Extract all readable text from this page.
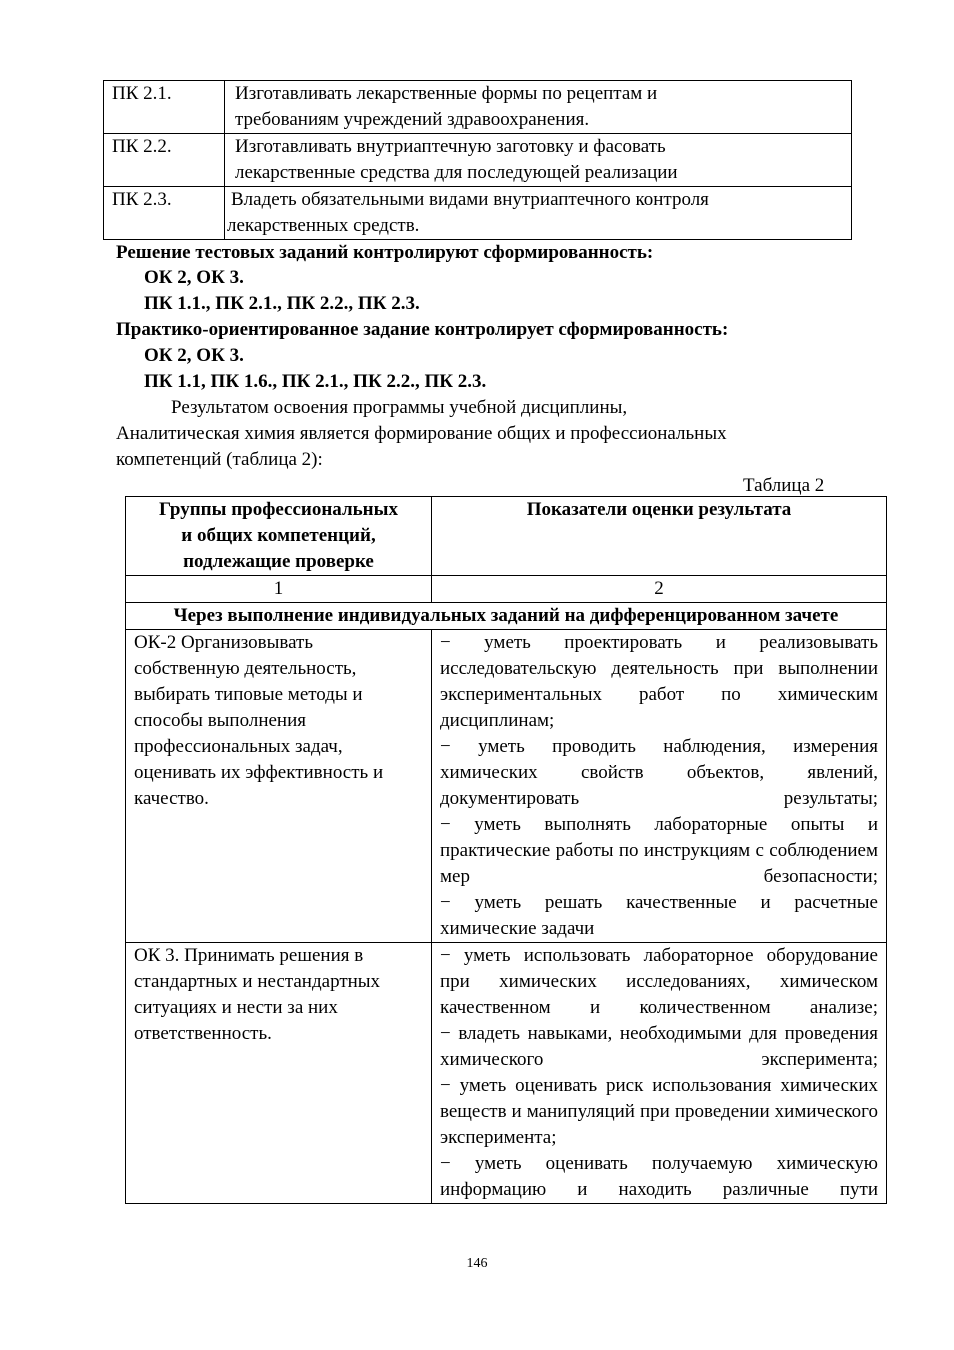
ПК 2.1.	Изготавливать лекарственные формы по рецептам и
требованиям учреждений здравоохранения.

ПК 2.2.	Изготавливать внутриаптечную заготовку и фасовать
лекарственные средства для последующей реализации

ПК 2.3.	Владеть обязательными видами внутриаптечного контроля
лекарственных средств.
Решение тестовых заданий контролируют сформированность:
ОК 2, ОК 3.
ПК 1.1., ПК 2.1., ПК 2.2., ПК 2.3.
Практико-ориентированное задание контролирует сформированность:
ОК 2, ОК 3.
ПК 1.1, ПК 1.6., ПК 2.1., ПК 2.2., ПК 2.3.
Результатом освоения программы учебной дисциплины,
Аналитическая химия является формирование общих и профессиональных
компетенций (таблица 2):
Таблица 2
Группы профессиональных
и общих компетенций,
подлежащие проверке	Показатели оценки результата
1	2
Через выполнение индивидуальных заданий на дифференцированном зачете	
ОК-2 Организовывать собственную деятельность, выбирать типовые методы и способы выполнения профессиональных задач, оценивать их эффективность и качество.	− уметь проектировать и реализовывать исследовательскую деятельность при выполнении экспериментальных работ по химическим дисциплинам;
− уметь проводить наблюдения, измерения химических свойств объектов, явлений, документировать результаты;
− уметь выполнять лабораторные опыты и практические работы по инструкциям с соблюдением мер безопасности;
− уметь решать качественные и расчетные химические задачи

ОК 3. Принимать решения в стандартных и нестандартных ситуациях и нести за них ответственность.	− уметь использовать лабораторное оборудование при химических исследованиях, химическом качественном и количественном анализе;
− владеть навыками, необходимыми для проведения химического эксперимента;
− уметь оценивать риск использования химических веществ и манипуляций при проведении химического эксперимента;
− уметь оценивать получаемую химическую информацию и находить различные пути
146
